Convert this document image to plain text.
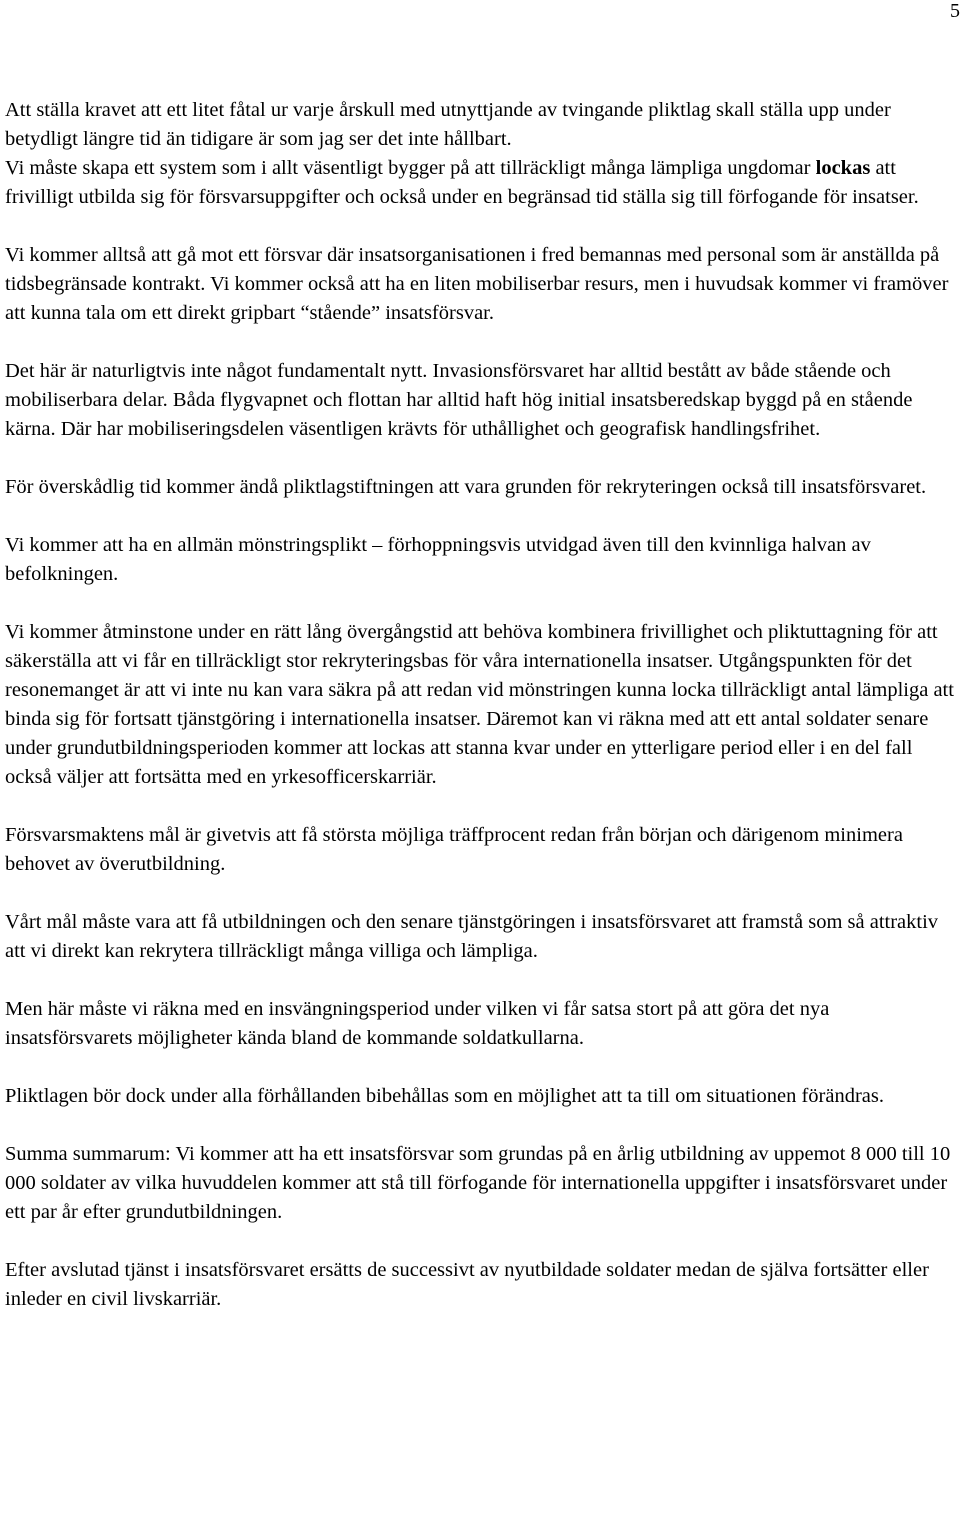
5

Att ställa kravet att ett litet fåtal ur varje årskull med utnyttjande av tvingande pliktlag skall ställa upp under betydligt längre tid än tidigare är som jag ser det inte hållbart.

Vi måste skapa ett system som i allt väsentligt bygger på att tillräckligt många lämpliga ungdomar lockas att frivilligt utbilda sig för försvarsuppgifter och också under en begränsad tid ställa sig till förfogande för insatser.

Vi kommer alltså att gå mot ett försvar där insatsorganisationen i fred bemannas med personal som är anställda på tidsbegränsade kontrakt. Vi kommer också att ha en liten mobiliserbar resurs, men i huvudsak kommer vi framöver att kunna tala om ett direkt gripbart “stående” insatsförsvar.

Det här är naturligtvis inte något fundamentalt nytt. Invasionsförsvaret har alltid bestått av både stående och mobiliserbara delar. Båda flygvapnet och flottan har alltid haft hög initial insatsberedskap byggd på en stående kärna. Där har mobiliseringsdelen väsentligen krävts för uthållighet och geografisk handlingsfrihet.

För överskådlig tid kommer ändå pliktlagstiftningen att vara grunden för rekryteringen också till insatsförsvaret.

Vi kommer att ha en allmän mönstringsplikt – förhoppningsvis utvidgad även till den kvinnliga halvan av befolkningen.

Vi kommer åtminstone under en rätt lång övergångstid att behöva kombinera frivillighet och pliktuttagning för att säkerställa att vi får en tillräckligt stor rekryteringsbas för våra internationella insatser. Utgångspunkten för det resonemanget är att vi inte nu kan vara säkra på att redan vid mönstringen kunna locka tillräckligt antal lämpliga att binda sig för fortsatt tjänstgöring i internationella insatser. Däremot kan vi räkna med att ett antal soldater senare under grundutbildningsperioden kommer att lockas att stanna kvar under en ytterligare period eller i en del fall också väljer att fortsätta med en yrkesofficerskarriär.

Försvarsmaktens mål är givetvis att få största möjliga träffprocent redan från början och därigenom minimera behovet av överutbildning.

Vårt mål måste vara att få utbildningen och den senare tjänstgöringen i insatsförsvaret att framstå som så attraktiv att vi direkt kan rekrytera tillräckligt många villiga och lämpliga.

Men här måste vi räkna med en insvängningsperiod under vilken vi får satsa stort på att göra det nya insatsförsvarets möjligheter kända bland de kommande soldatkullarna.

Pliktlagen bör dock under alla förhållanden bibehållas som en möjlighet att ta till om situationen förändras.

Summa summarum: Vi kommer att ha ett insatsförsvar som grundas på en årlig utbildning av uppemot 8 000 till 10 000 soldater av vilka huvuddelen kommer att stå till förfogande för internationella uppgifter i insatsförsvaret under ett par år efter grundutbildningen.

Efter avslutad tjänst i insatsförsvaret ersätts de successivt av nyutbildade soldater medan de själva fortsätter eller inleder en civil livskarriär.
